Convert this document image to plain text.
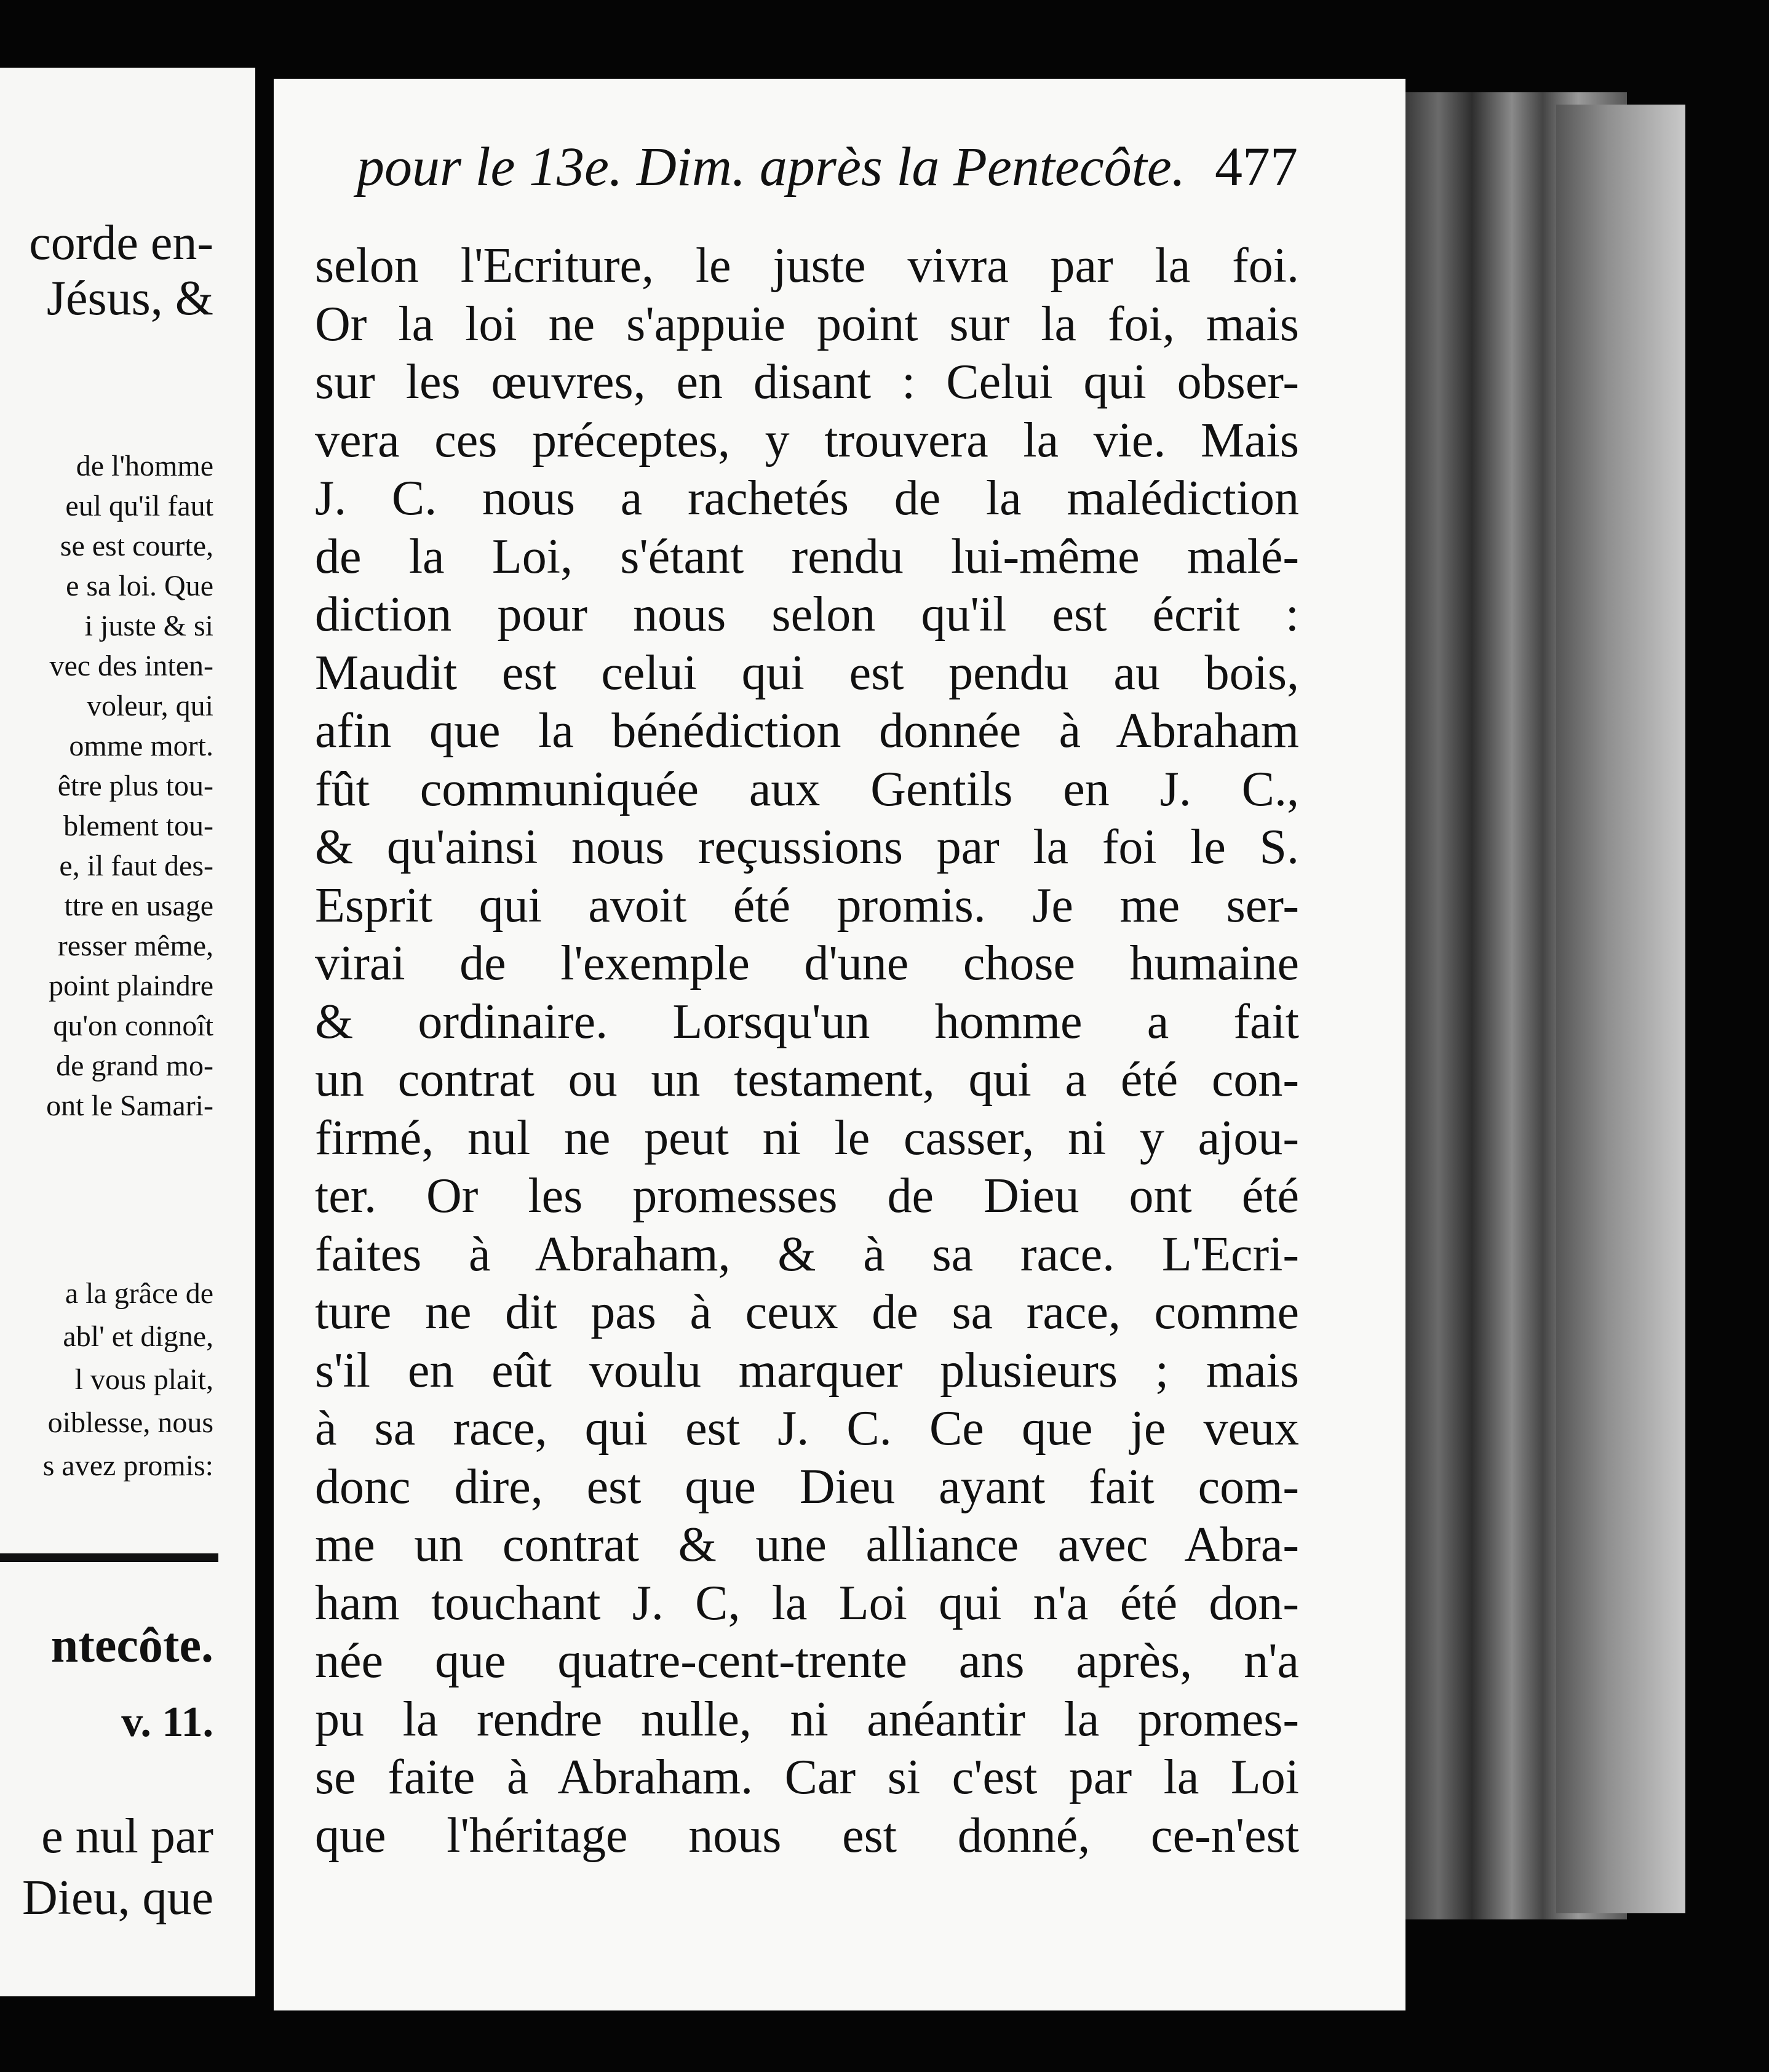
corde en-
Jésus, &
de l'homme
eul qu'il faut
se est courte,
e sa loi. Que
i juste & si
vec des inten-
voleur, qui
omme mort.
être plus tou-
blement tou-
e, il faut des-
ttre en usage
resser même,
point plaindre
qu'on connoît
de grand mo-
ont le Samari-
a la grâce de
abl' et digne,
l vous plait,
oiblesse, nous
s avez promis:
ntecôte.
v. 11.
e nul par
Dieu, que
pour le 13e. Dim. après la Pentecôte. 477
selon l'Ecriture, le juste vivra par la foi.
Or la loi ne s'appuie point sur la foi, mais
sur les œuvres, en disant : Celui qui obser-
vera ces préceptes, y trouvera la vie. Mais
J. C. nous a rachetés de la malédiction
de la Loi, s'étant rendu lui-même malé-
diction pour nous selon qu'il est écrit :
Maudit est celui qui est pendu au bois,
afin que la bénédiction donnée à Abraham
fût communiquée aux Gentils en J. C.,
& qu'ainsi nous reçussions par la foi le S.
Esprit qui avoit été promis. Je me ser-
virai de l'exemple d'une chose humaine
& ordinaire. Lorsqu'un homme a fait
un contrat ou un testament, qui a été con-
firmé, nul ne peut ni le casser, ni y ajou-
ter. Or les promesses de Dieu ont été
faites à Abraham, & à sa race. L'Ecri-
ture ne dit pas à ceux de sa race, comme
s'il en eût voulu marquer plusieurs ; mais
à sa race, qui est J. C. Ce que je veux
donc dire, est que Dieu ayant fait com-
me un contrat & une alliance avec Abra-
ham touchant J. C, la Loi qui n'a été don-
née que quatre-cent-trente ans après, n'a
pu la rendre nulle, ni anéantir la promes-
se faite à Abraham. Car si c'est par la Loi
que l'héritage nous est donné, ce-n'est
